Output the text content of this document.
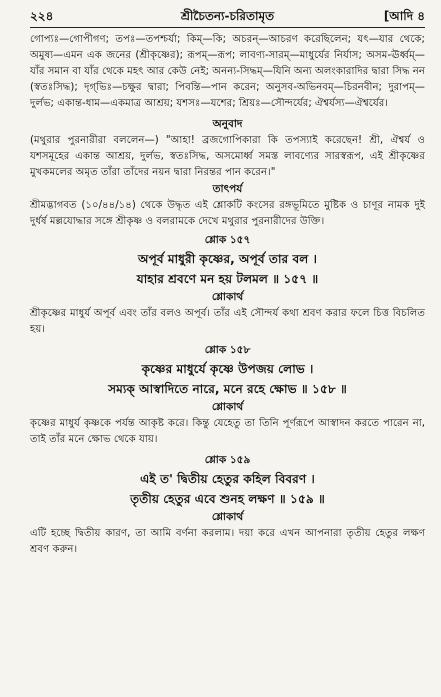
২২৪	শ্রীচৈতন্য-চরিতামৃত	[আদি ৪

গোপ্যঃ—গোপীগণ; তপঃ—তপশ্চর্যা; কিম্—কি; অচরন্—আচরণ করেছিলেন; যৎ—যার থেকে; অমুষ্য—এমন এক জনের (শ্রীকৃষ্ণের); রূপম্—রূপ; লাবণ্য-সারম্—মাধুর্যের নির্যাস; অসম-ঊর্ধ্বম্—যাঁর সমান বা যাঁর থেকে মহৎ আর কেউ নেই; অনন্য-সিদ্ধম্—যিনি অন্য অলংকারাদির দ্বারা সিদ্ধ নন (স্বতঃসিদ্ধ); দৃগ্‌ভিঃ—চক্ষুর দ্বারা; পিবন্তি—পান করেন; অনুসব-অভিনবম্—চিরনবীন; দুরাপম্—দুর্লভ; একান্ত-ধাম—একমাত্র আশ্রয়; যশসঃ—যশের; শ্রিয়ঃ—সৌন্দর্যের; ঐশ্বর্যস্য—ঐশ্বর্যের।

অনুবাদ

(মথুরার পুরনারীরা বললেন—) "আহা! ব্রজগোপিকারা কি তপস্যাই করেছেন! শ্রী, ঐশ্বর্য ও যশসমূহের একান্ত আশ্রয়, দুর্লভ, স্বতঃসিদ্ধ, অসমোর্ধ্ব সমস্ত লাবণ্যের সারস্বরূপ, এই শ্রীকৃষ্ণের মুখকমলের অমৃত তাঁরা তাঁদের নয়ন দ্বারা নিরন্তর পান করেন।"

তাৎপর্য

শ্রীমদ্ভাগবত (১০/৪৪/১৪) থেকে উদ্ধৃত এই শ্লোকটি কংসের রঙ্গভূমিতে মুষ্টিক ও চাণূর নামক দুই দুর্ধর্ষ মল্লযোদ্ধার সঙ্গে শ্রীকৃষ্ণ ও বলরামকে দেখে মথুরার পুরনারীদের উক্তি।

শ্লোক ১৫৭

অপূর্ব মাধুরী কৃষ্ণের, অপূর্ব তার বল ।

যাহার শ্রবণে মন হয় টলমল ॥ ১৫৭ ॥

শ্লোকার্থ

শ্রীকৃষ্ণের মাধুর্য অপূর্ব এবং তাঁর বলও অপূর্ব। তাঁর এই সৌন্দর্য কথা শ্রবণ করার ফলে চিত্ত বিচলিত হয়।

শ্লোক ১৫৮

কৃষ্ণের মাধুর্যে কৃষ্ণে উপজয় লোভ ।

সম্যক্ আস্বাদিতে নারে, মনে রহে ক্ষোভ ॥ ১৫৮ ॥

শ্লোকার্থ

কৃষ্ণের মাধুর্য কৃষ্ণকে পর্যন্ত আকৃষ্ট করে। কিন্তু যেহেতু তা তিনি পূর্ণরূপে আস্বাদন করতে পারেন না, তাই তাঁর মনে ক্ষোভ থেকে যায়।

শ্লোক ১৫৯

এই ত' দ্বিতীয় হেতুর কহিল বিবরণ ।

তৃতীয় হেতুর এবে শুনহ লক্ষণ ॥ ১৫৯ ॥

শ্লোকার্থ

এটি হচ্ছে দ্বিতীয় কারণ, তা আমি বর্ণনা করলাম। দয়া করে এখন আপনারা তৃতীয় হেতুর লক্ষণ শ্রবণ করুন।
